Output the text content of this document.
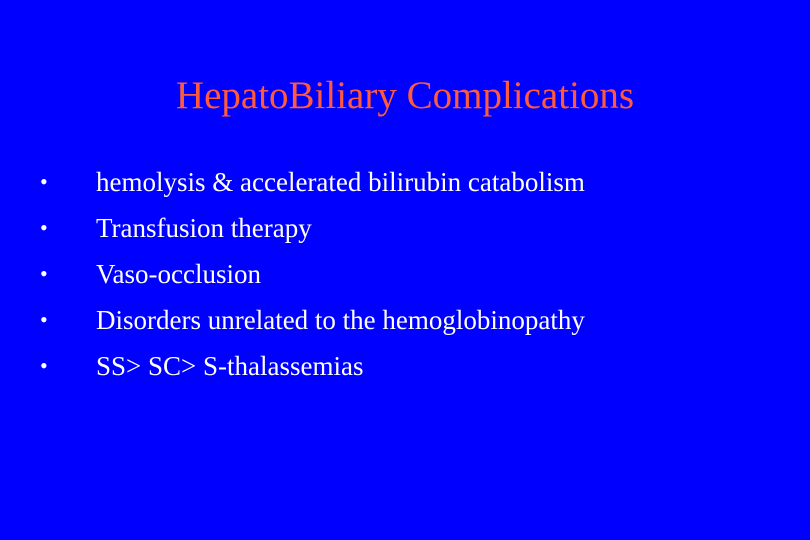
HepatoBiliary Complications
•	hemolysis & accelerated bilirubin catabolism
•	Transfusion therapy
•	Vaso-occlusion
•	Disorders unrelated to the hemoglobinopathy
•	SS> SC> S-thalassemias
